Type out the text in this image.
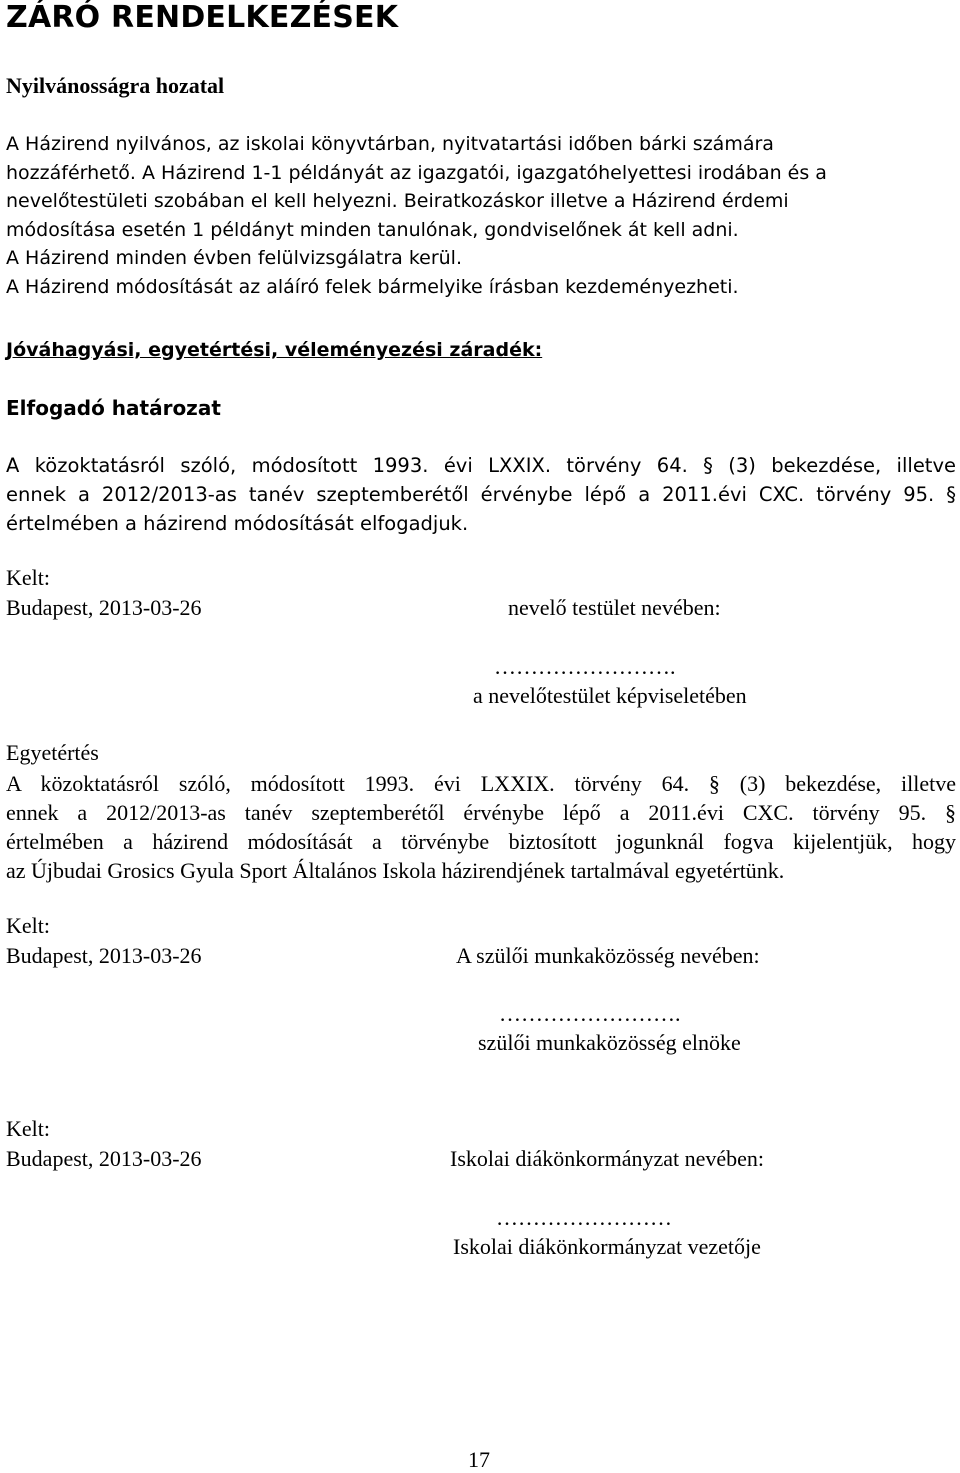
ZÁRÓ RENDELKEZÉSEK
Nyilvánosságra hozatal
A Házirend nyilvános, az iskolai könyvtárban, nyitvatartási időben bárki számára
hozzáférhető. A Házirend 1-1 példányát az igazgatói, igazgatóhelyettesi irodában és a
nevelőtestületi szobában el kell helyezni. Beiratkozáskor illetve a Házirend érdemi
módosítása esetén 1 példányt minden tanulónak, gondviselőnek át kell adni.
A Házirend minden évben felülvizsgálatra kerül.
A Házirend módosítását az aláíró felek bármelyike írásban kezdeményezheti.
Jóváhagyási, egyetértési, véleményezési záradék:
Elfogadó határozat
A közoktatásról szóló, módosított 1993. évi LXXIX. törvény 64. § (3) bekezdése, illetve
ennek a 2012/2013-as tanév szeptemberétől érvénybe lépő a 2011.évi CXC. törvény 95. §
értelmében a házirend módosítását elfogadjuk.
Kelt:
Budapest, 2013-03-26	nevelő testület nevében:
…………………….
a nevelőtestület képviseletében
Egyetértés
A közoktatásról szóló, módosított 1993. évi LXXIX. törvény 64. § (3) bekezdése, illetve
ennek a 2012/2013-as tanév szeptemberétől érvénybe lépő a 2011.évi CXC. törvény 95. §
értelmében a házirend módosítását a törvénybe biztosított jogunknál fogva kijelentjük, hogy
az Újbudai Grosics Gyula Sport Általános Iskola házirendjének tartalmával egyetértünk.
Kelt:
Budapest, 2013-03-26	A szülői munkaközösség nevében:
…………………….
szülői munkaközösség elnöke
Kelt:
Budapest, 2013-03-26	Iskolai diákönkormányzat nevében:
……………………
Iskolai diákönkormányzat vezetője
17
